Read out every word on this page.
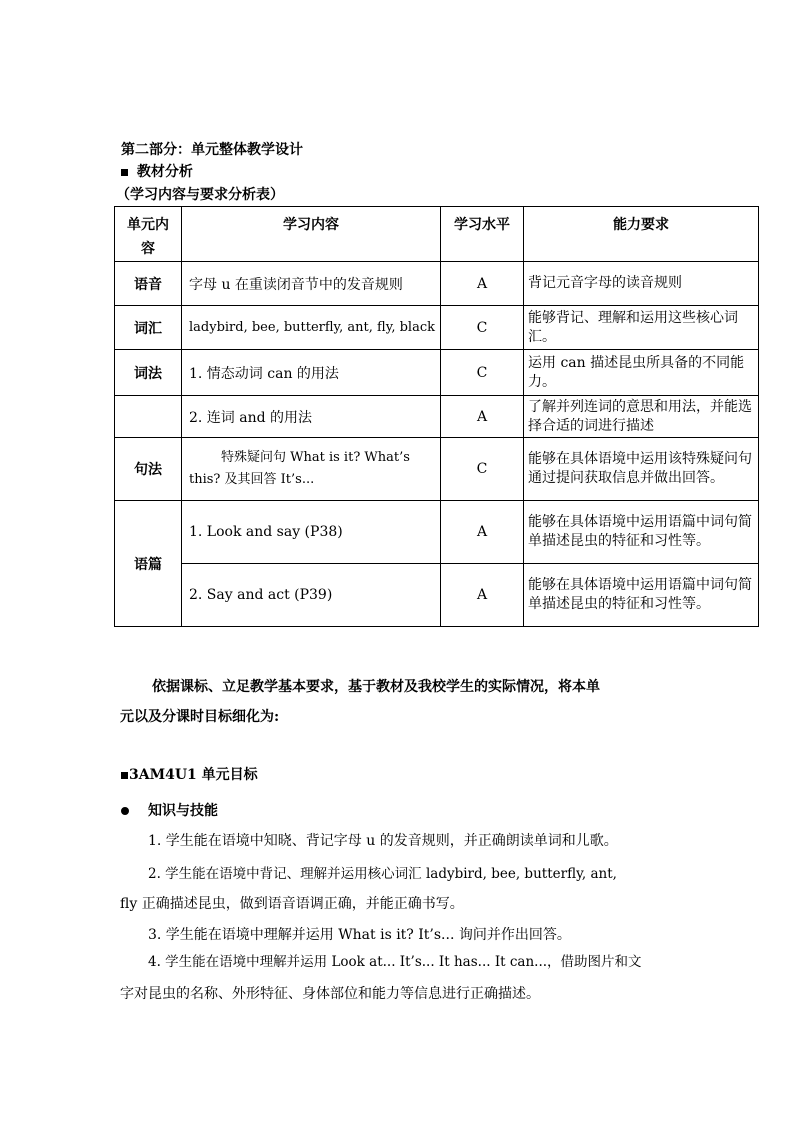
第二部分：单元整体教学设计
教材分析
（学习内容与要求分析表）
单元内容	学习内容	学习水平	能力要求
语音	字母 u 在重读闭音节中的发音规则	A	背记元音字母的读音规则
词汇	ladybird, bee, butterfly, ant, fly, black	C	能够背记、理解和运用这些核心词汇。
词法	1. 情态动词 can 的用法	C	运用 can 描述昆虫所具备的不同能力。
	2. 连词 and 的用法	A	了解并列连词的意思和用法，并能选择合适的词进行描述
句法	特殊疑问句 What is it? What’s this? 及其回答 It’s...	C	能够在具体语境中运用该特殊疑问句通过提问获取信息并做出回答。
语篇	1. Look and say (P38)	A	能够在具体语境中运用语篇中词句简单描述昆虫的特征和习性等。
	2. Say and act (P39)	A	能够在具体语境中运用语篇中词句简单描述昆虫的特征和习性等。
依据课标、立足教学基本要求，基于教材及我校学生的实际情况，将本单
元以及分课时目标细化为:
3AM4U1 单元目标
知识与技能
1. 学生能在语境中知晓、背记字母 u 的发音规则，并正确朗读单词和儿歌。
2. 学生能在语境中背记、理解并运用核心词汇 ladybird, bee, butterfly, ant,
fly 正确描述昆虫，做到语音语调正确，并能正确书写。
3. 学生能在语境中理解并运用 What is it? It’s... 询问并作出回答。
4. 学生能在语境中理解并运用 Look at... It’s... It has... It can...，借助图片和文
字对昆虫的名称、外形特征、身体部位和能力等信息进行正确描述。
